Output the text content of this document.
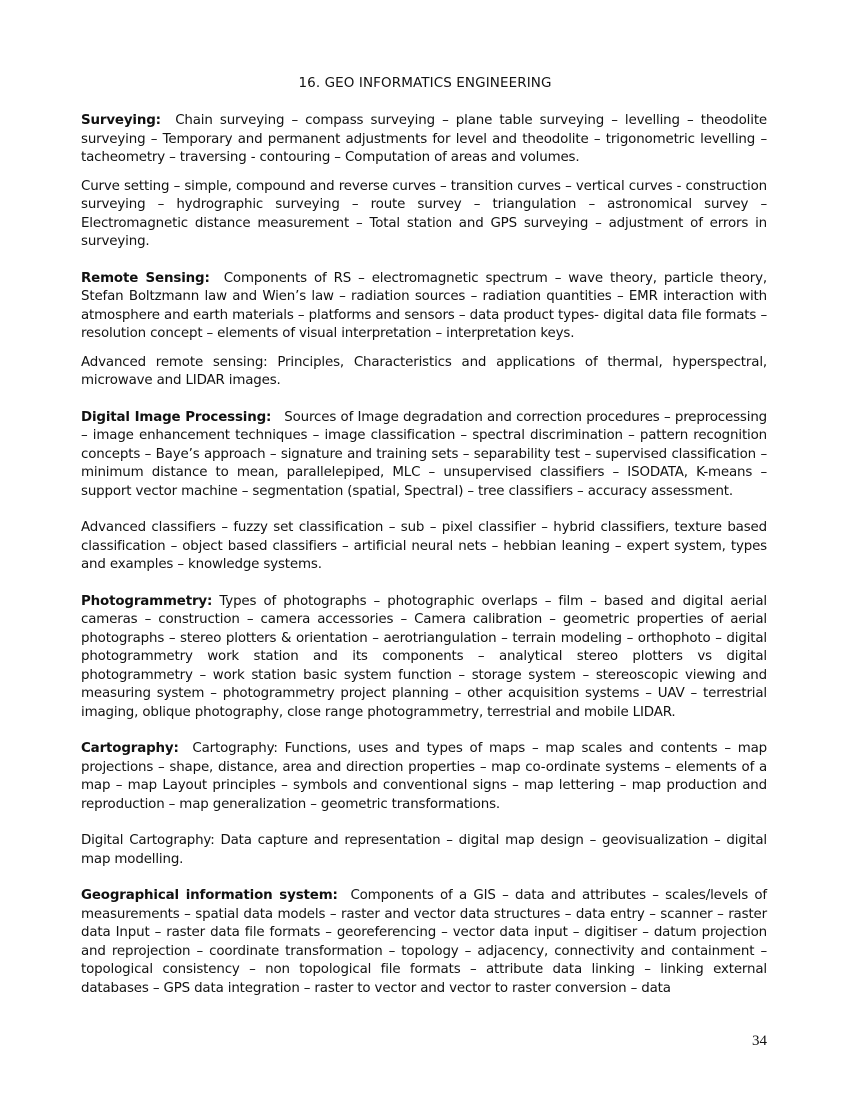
16. GEO INFORMATICS ENGINEERING

Surveying: Chain surveying – compass surveying – plane table surveying – levelling – theodolite surveying – Temporary and permanent adjustments for level and theodolite – trigonometric levelling – tacheometry – traversing - contouring – Computation of areas and volumes.

Curve setting – simple, compound and reverse curves – transition curves – vertical curves - construction surveying – hydrographic surveying – route survey – triangulation – astronomical survey – Electromagnetic distance measurement – Total station and GPS surveying – adjustment of errors in surveying.

Remote Sensing: Components of RS – electromagnetic spectrum – wave theory, particle theory, Stefan Boltzmann law and Wien’s law – radiation sources – radiation quantities – EMR interaction with atmosphere and earth materials – platforms and sensors – data product types- digital data file formats – resolution concept – elements of visual interpretation – interpretation keys.

Advanced remote sensing: Principles, Characteristics and applications of thermal, hyperspectral, microwave and LIDAR images.

Digital Image Processing: Sources of Image degradation and correction procedures – preprocessing – image enhancement techniques – image classification – spectral discrimination – pattern recognition concepts – Baye’s approach – signature and training sets – separability test – supervised classification – minimum distance to mean, parallelepiped, MLC – unsupervised classifiers – ISODATA, K-means – support vector machine – segmentation (spatial, Spectral) – tree classifiers – accuracy assessment.

Advanced classifiers – fuzzy set classification – sub – pixel classifier – hybrid classifiers, texture based classification – object based classifiers – artificial neural nets – hebbian leaning – expert system, types and examples – knowledge systems.

Photogrammetry: Types of photographs – photographic overlaps – film – based and digital aerial cameras – construction – camera accessories – Camera calibration – geometric properties of aerial photographs – stereo plotters & orientation – aerotriangulation – terrain modeling – orthophoto – digital photogrammetry work station and its components – analytical stereo plotters vs digital photogrammetry – work station basic system function – storage system – stereoscopic viewing and measuring system – photogrammetry project planning – other acquisition systems – UAV – terrestrial imaging, oblique photography, close range photogrammetry, terrestrial and mobile LIDAR.

Cartography: Cartography: Functions, uses and types of maps – map scales and contents – map projections – shape, distance, area and direction properties – map co-ordinate systems – elements of a map – map Layout principles – symbols and conventional signs – map lettering – map production and reproduction – map generalization – geometric transformations.

Digital Cartography: Data capture and representation – digital map design – geovisualization – digital map modelling.

Geographical information system: Components of a GIS – data and attributes – scales/levels of measurements – spatial data models – raster and vector data structures – data entry – scanner – raster data Input – raster data file formats – georeferencing – vector data input – digitiser – datum projection and reprojection – coordinate transformation – topology – adjacency, connectivity and containment – topological consistency – non topological file formats – attribute data linking – linking external databases – GPS data integration – raster to vector and vector to raster conversion – data

34
